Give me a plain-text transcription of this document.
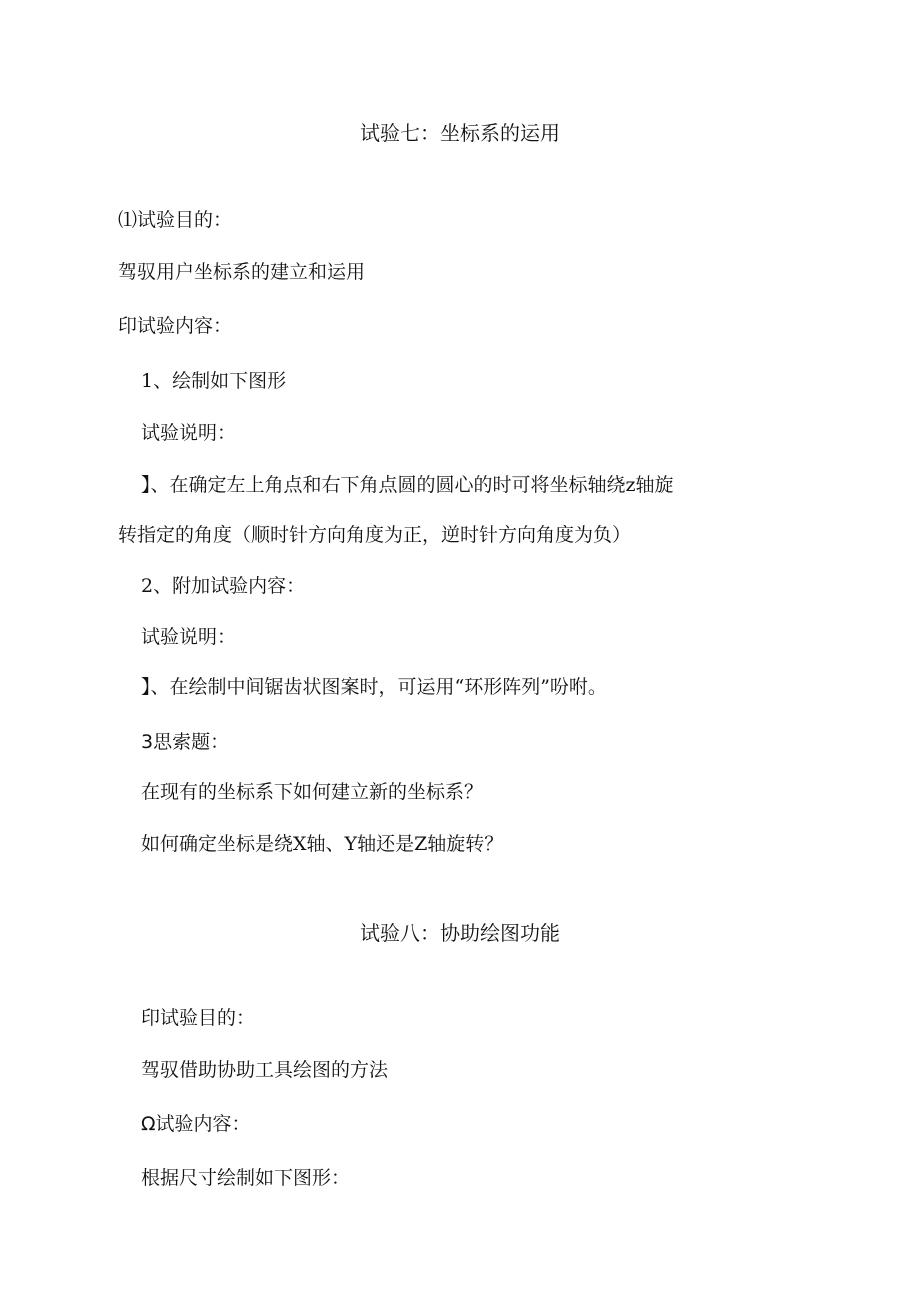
试验七：坐标系的运用
⑴试验目的：
驾驭用户坐标系的建立和运用
印试验内容：
1、绘制如下图形
试验说明：
】、在确定左上角点和右下角点圆的圆心的时可将坐标轴绕z轴旋
转指定的角度（顺时针方向角度为正，逆时针方向角度为负）
2、附加试验内容：
试验说明：
】、在绘制中间锯齿状图案时，可运用“环形阵列”吩咐。
3思索题：
在现有的坐标系下如何建立新的坐标系？
如何确定坐标是绕X轴、Y轴还是Z轴旋转？
试验八：协助绘图功能
印试验目的：
驾驭借助协助工具绘图的方法
Ω试验内容：
根据尺寸绘制如下图形：
